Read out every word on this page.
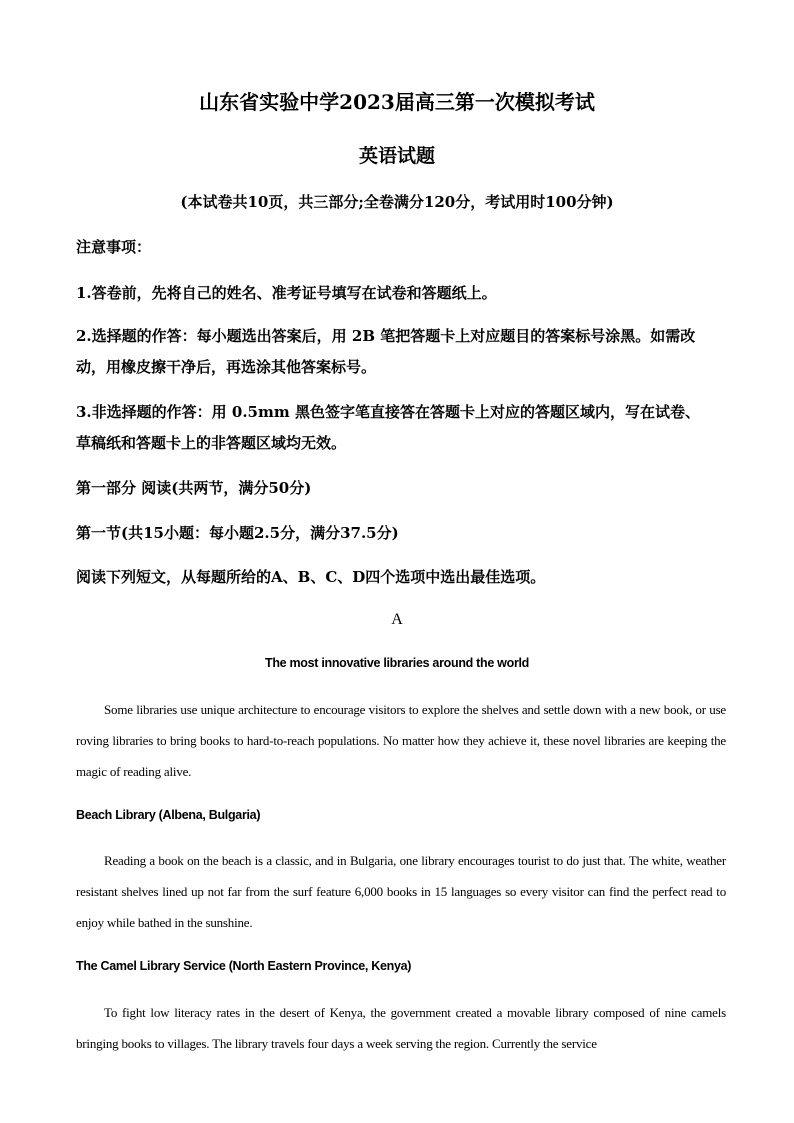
山东省实验中学2023届高三第一次模拟考试
英语试题
(本试卷共10页，共三部分;全卷满分120分，考试用时100分钟)
注意事项：
1.答卷前，先将自己的姓名、准考证号填写在试卷和答题纸上。
2.选择题的作答：每小题选出答案后，用 2B 笔把答题卡上对应题目的答案标号涂黑。如需改
动，用橡皮擦干净后，再选涂其他答案标号。
3.非选择题的作答：用 0.5mm 黑色签字笔直接答在答题卡上对应的答题区域内，写在试卷、
草稿纸和答题卡上的非答题区域均无效。
第一部分 阅读(共两节，满分50分)
第一节(共15小题：每小题2.5分，满分37.5分)
阅读下列短文，从每题所给的A、B、C、D四个选项中选出最佳选项。
A
The most innovative libraries around the world
Some libraries use unique architecture to encourage visitors to explore the shelves and settle down with a new book, or use roving libraries to bring books to hard-to-reach populations. No matter how they achieve it, these novel libraries are keeping the magic of reading alive.
Beach Library (Albena, Bulgaria)
Reading a book on the beach is a classic, and in Bulgaria, one library encourages tourist to do just that. The white, weather resistant shelves lined up not far from the surf feature 6,000 books in 15 languages so every visitor can find the perfect read to enjoy while bathed in the sunshine.
The Camel Library Service (North Eastern Province, Kenya)
To fight low literacy rates in the desert of Kenya, the government created a movable library composed of nine camels bringing books to villages. The library travels four days a week serving the region. Currently the service
